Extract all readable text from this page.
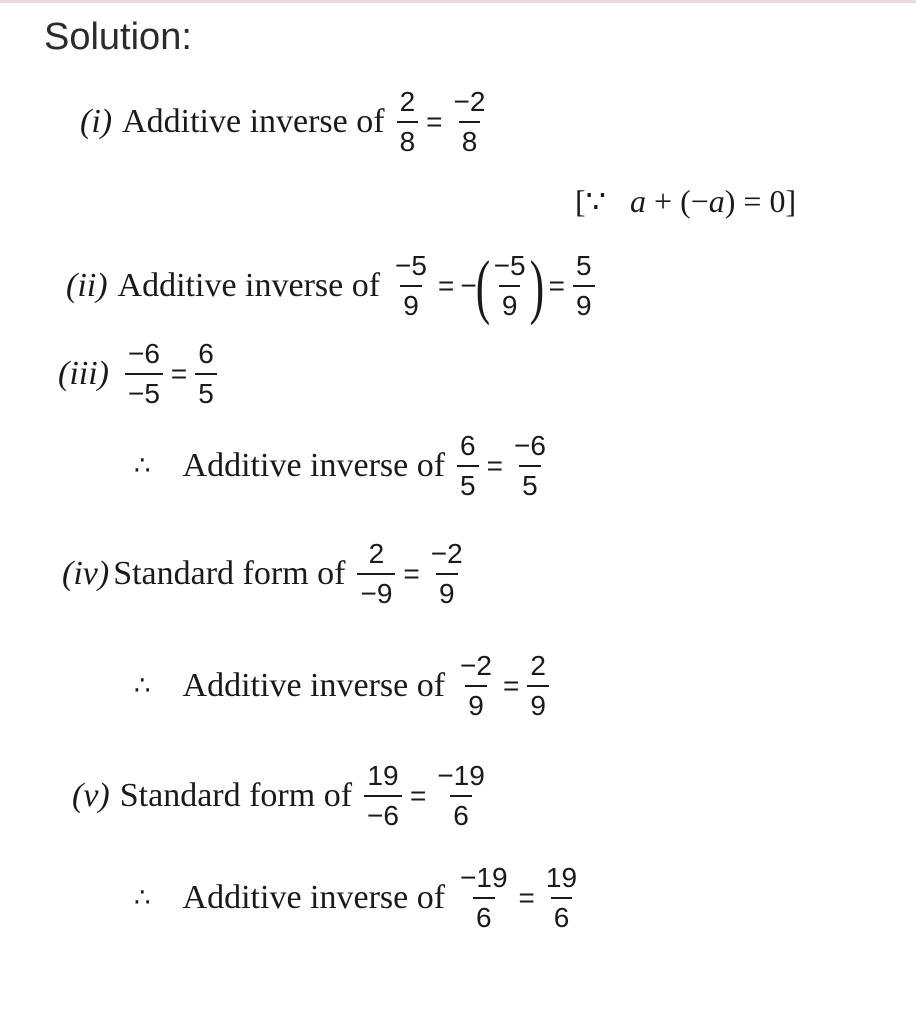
Solution:
(i) Additive inverse of $\frac{2}{8} = \frac{-2}{8}$
[∵ a + (−a) = 0]
(ii) Additive inverse of $\frac{-5}{9}$ = −
( $\frac{-5}{9}$ ) = $\frac{5}{9}$
$(iii) \frac{-6}{-5} = \frac{6}{5}$
∴ Additive inverse of $\frac{6}{5} = \frac{-6}{5}$
(iv) Standard form of $\frac{2}{-9} = \frac{-2}{9}$
∴ Additive inverse of $\frac{-2}{9} = \frac{2}{9}$
(v) Standard form of $\frac{19}{-6} = \frac{-19}{6}$
∴ Additive inverse of $\frac{-19}{6} = \frac{19}{6}$
